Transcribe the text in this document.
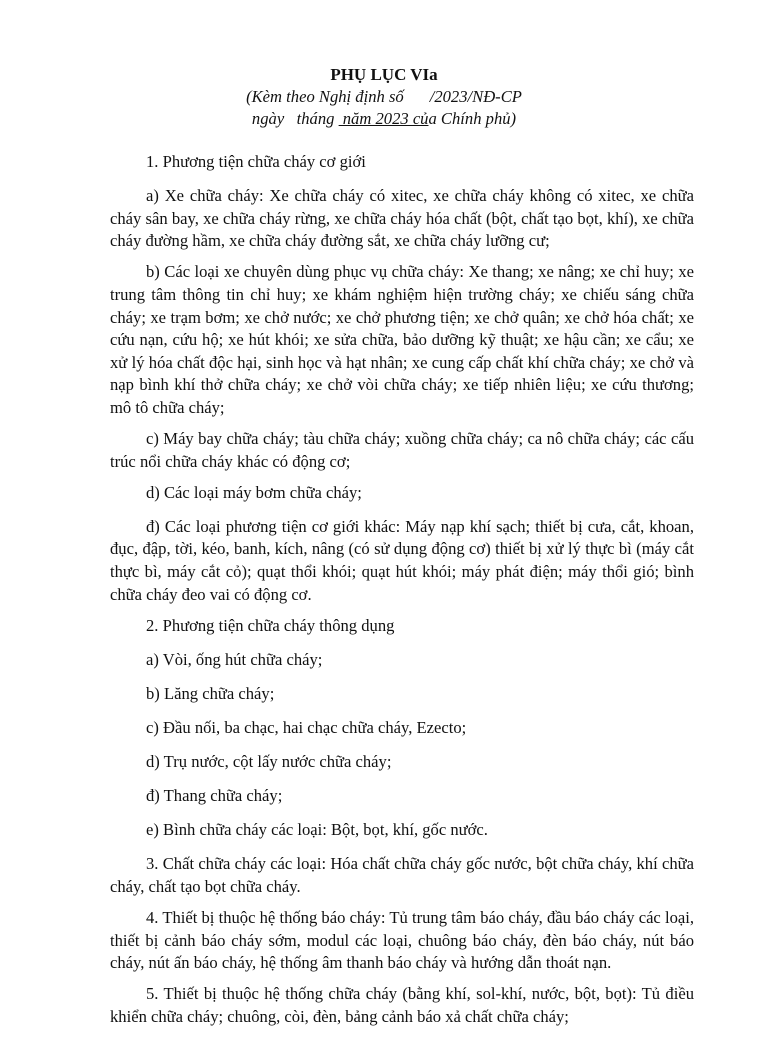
PHỤ LỤC VIa
(Kèm theo Nghị định số /2023/NĐ-CP
ngày tháng  năm 2023 của Chính phủ)

1. Phương tiện chữa cháy cơ giới

a) Xe chữa cháy: Xe chữa cháy có xitec, xe chữa cháy không có xitec, xe chữa cháy sân bay, xe chữa cháy rừng, xe chữa cháy hóa chất (bột, chất tạo bọt, khí), xe chữa cháy đường hầm, xe chữa cháy đường sắt, xe chữa cháy lưỡng cư;

b) Các loại xe chuyên dùng phục vụ chữa cháy: Xe thang; xe nâng; xe chỉ huy; xe trung tâm thông tin chỉ huy; xe khám nghiệm hiện trường cháy; xe chiếu sáng chữa cháy; xe trạm bơm; xe chở nước; xe chở phương tiện; xe chở quân; xe chở hóa chất; xe cứu nạn, cứu hộ; xe hút khói; xe sửa chữa, bảo dưỡng kỹ thuật; xe hậu cần; xe cẩu; xe xử lý hóa chất độc hại, sinh học và hạt nhân; xe cung cấp chất khí chữa cháy; xe chở và nạp bình khí thở chữa cháy; xe chở vòi chữa cháy; xe tiếp nhiên liệu; xe cứu thương; mô tô chữa cháy;

c) Máy bay chữa cháy; tàu chữa cháy; xuồng chữa cháy; ca nô chữa cháy; các cấu trúc nổi chữa cháy khác có động cơ;

d) Các loại máy bơm chữa cháy;

đ) Các loại phương tiện cơ giới khác: Máy nạp khí sạch; thiết bị cưa, cắt, khoan, đục, đập, tời, kéo, banh, kích, nâng (có sử dụng động cơ) thiết bị xử lý thực bì (máy cắt thực bì, máy cắt cỏ); quạt thổi khói; quạt hút khói; máy phát điện; máy thổi gió; bình chữa cháy đeo vai có động cơ.

2. Phương tiện chữa cháy thông dụng

a) Vòi, ống hút chữa cháy;

b) Lăng chữa cháy;

c) Đầu nối, ba chạc, hai chạc chữa cháy, Ezecto;

d) Trụ nước, cột lấy nước chữa cháy;

đ) Thang chữa cháy;

e) Bình chữa cháy các loại: Bột, bọt, khí, gốc nước.

3. Chất chữa cháy các loại: Hóa chất chữa cháy gốc nước, bột chữa cháy, khí chữa cháy, chất tạo bọt chữa cháy.

4. Thiết bị thuộc hệ thống báo cháy: Tủ trung tâm báo cháy, đầu báo cháy các loại, thiết bị cảnh báo cháy sớm, modul các loại, chuông báo cháy, đèn báo cháy, nút báo cháy, nút ấn báo cháy, hệ thống âm thanh báo cháy và hướng dẫn thoát nạn.

5. Thiết bị thuộc hệ thống chữa cháy (bằng khí, sol-khí, nước, bột, bọt): Tủ điều khiển chữa cháy; chuông, còi, đèn, bảng cảnh báo xả chất chữa cháy;
